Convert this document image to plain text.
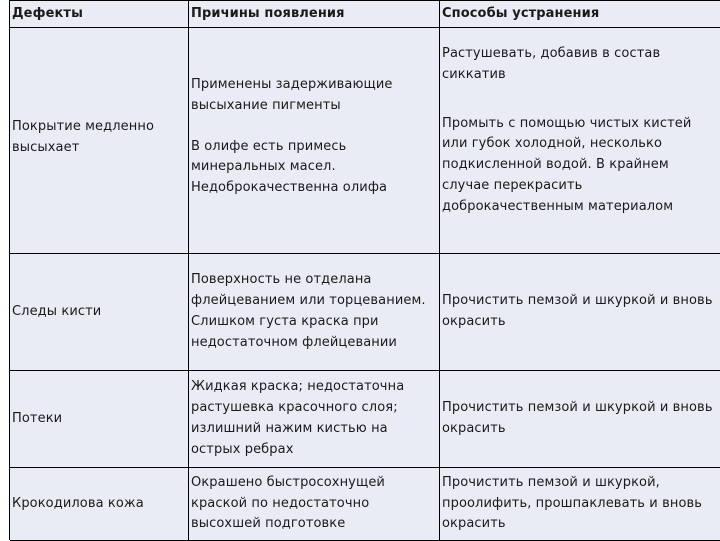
Дефекты	Причины появления	Способы устранения
Покрытие медленно высыхает
Применены задерживающие высыхание пигменты
В олифе есть примесь минеральных масел. Недоброкачественна олифа
Растушевать, добавив в состав сиккатив
Промыть с помощью чистых кистей или губок холодной, несколько подкисленной водой. В крайнем случае перекрасить доброкачественным материалом
Следы кисти
Поверхность не отделана флейцеванием или торцеванием. Слишком густа краска при недостаточном флейцевании
Прочистить пемзой и шкуркой и вновь окрасить
Потеки
Жидкая краска; недостаточна растушевка красочного слоя; излишний нажим кистью на острых ребрах
Прочистить пемзой и шкуркой и вновь окрасить
Крокодилова кожа
Окрашено быстросохнущей краской по недостаточно высохшей подготовке
Прочистить пемзой и шкуркой, проолифить, прошпаклевать и вновь окрасить
